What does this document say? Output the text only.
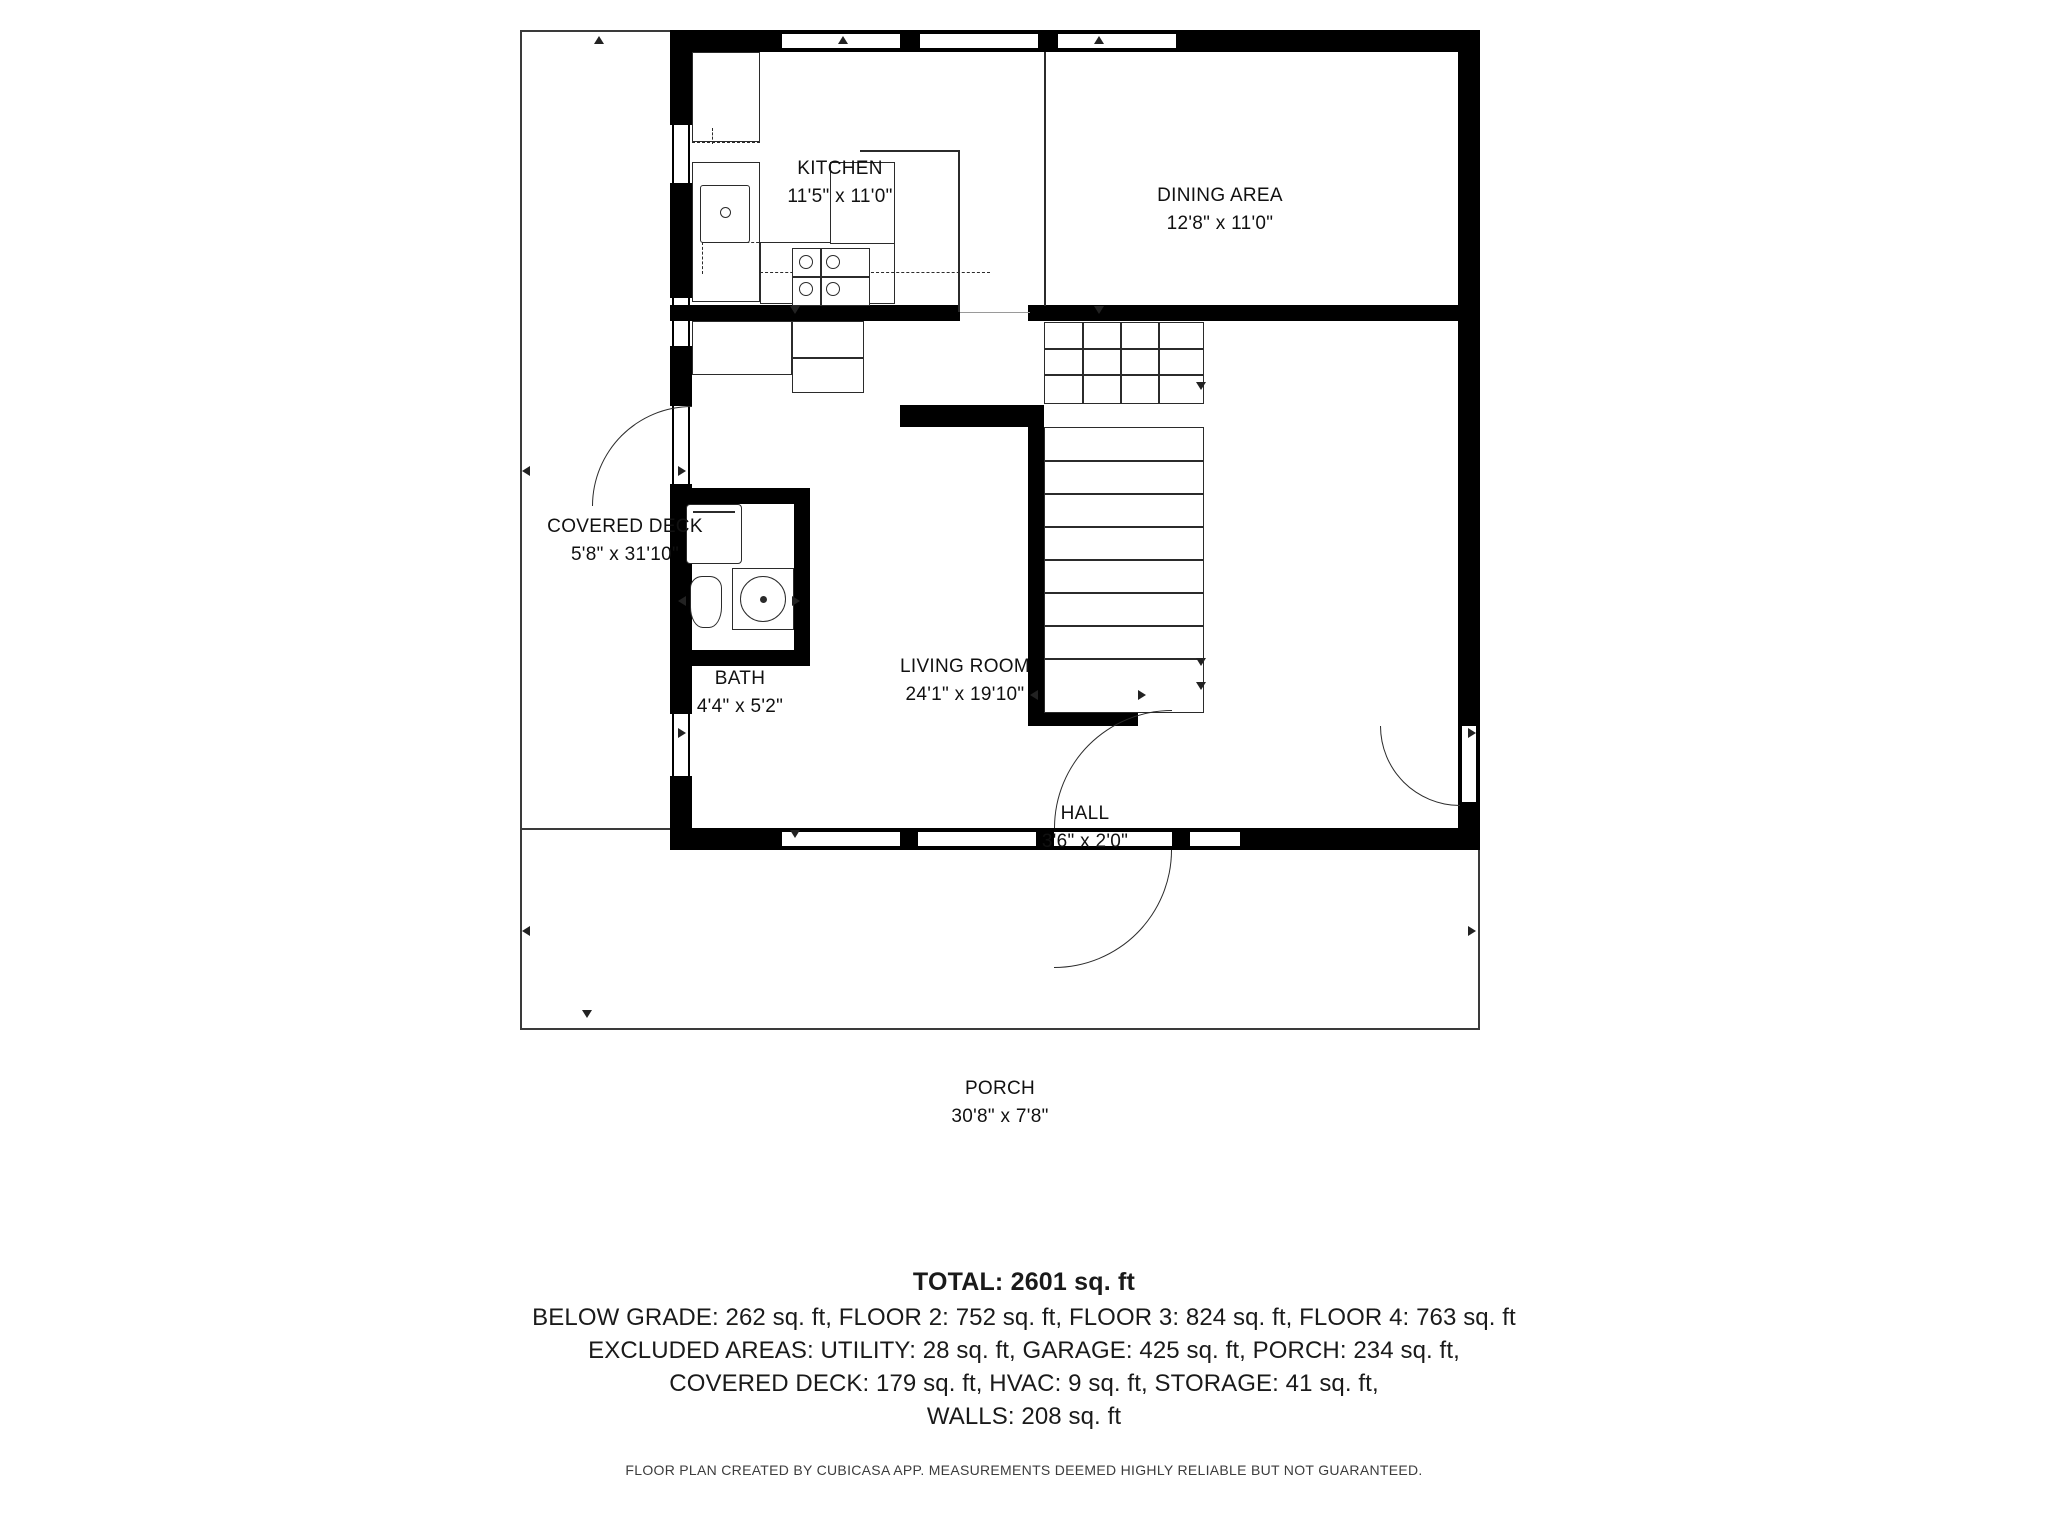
KITCHEN
11'5" x 11'0"	DINING AREA
12'8" x 11'0"
COVERED DECK
5'8" x 31'10"
LIVING ROOM
24'1" x 19'10"
BATH
4'4" x 5'2"
HALL
3'6" x 2'0"
PORCH
30'8" x 7'8"
TOTAL: 2601 sq. ft
BELOW GRADE: 262 sq. ft, FLOOR 2: 752 sq. ft, FLOOR 3: 824 sq. ft, FLOOR 4: 763 sq. ft
EXCLUDED AREAS: UTILITY: 28 sq. ft, GARAGE: 425 sq. ft, PORCH: 234 sq. ft,
COVERED DECK: 179 sq. ft, HVAC: 9 sq. ft, STORAGE: 41 sq. ft,
WALLS: 208 sq. ft
FLOOR PLAN CREATED BY CUBICASA APP. MEASUREMENTS DEEMED HIGHLY RELIABLE BUT NOT GUARANTEED.
